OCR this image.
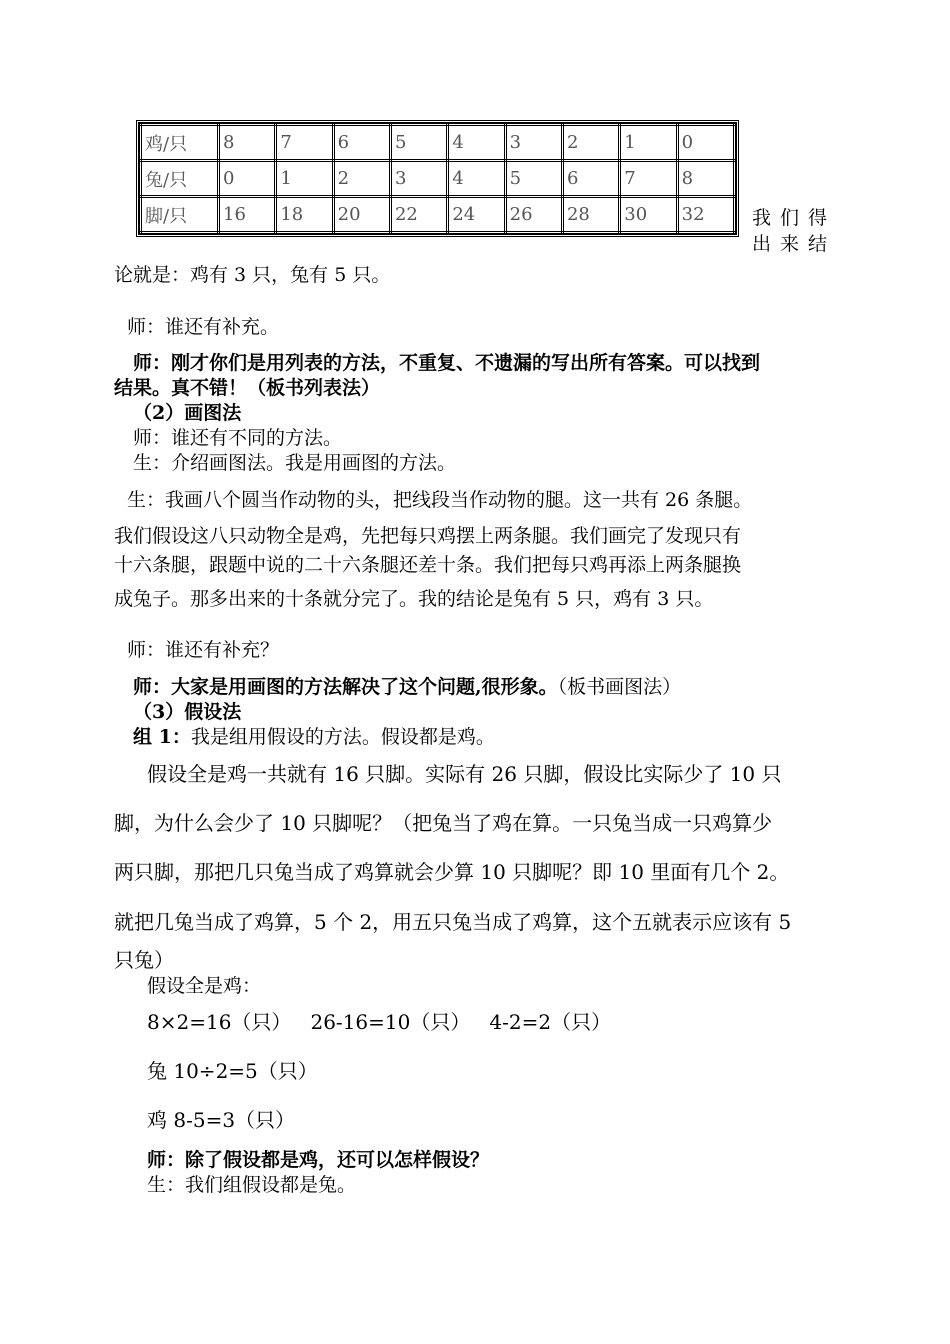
鸡/只	8	7	6	5	4	3	2	1	0
兔/只	0	1	2	3	4	5	6	7	8
脚/只	16	18	20	22	24	26	28	30	32 我们得
出来结
论就是：鸡有 3 只，兔有 5 只。
师：谁还有补充。
师：刚才你们是用列表的方法，不重复、不遗漏的写出所有答案。可以找到
结果。真不错！（板书列表法）
（2）画图法
师：谁还有不同的方法。
生：介绍画图法。我是用画图的方法。
生：我画八个圆当作动物的头，把线段当作动物的腿。这一共有 26 条腿。
我们假设这八只动物全是鸡，先把每只鸡摆上两条腿。我们画完了发现只有
十六条腿，跟题中说的二十六条腿还差十条。我们把每只鸡再添上两条腿换
成兔子。那多出来的十条就分完了。我的结论是兔有 5 只，鸡有 3 只。
师：谁还有补充？
师：大家是用画图的方法解决了这个问题,很形象。（板书画图法）
（3）假设法
组 1：我是组用假设的方法。假设都是鸡。
假设全是鸡一共就有 16 只脚。实际有 26 只脚，假设比实际少了 10 只
脚，为什么会少了 10 只脚呢？（把兔当了鸡在算。一只兔当成一只鸡算少
两只脚，那把几只兔当成了鸡算就会少算 10 只脚呢？即 10 里面有几个 2。
就把几兔当成了鸡算，5 个 2，用五只兔当成了鸡算，这个五就表示应该有 5
只兔）
假设全是鸡：
8×2=16（只）   26-16=10（只）   4-2=2（只）
兔 10÷2=5（只）
鸡 8-5=3（只）
师：除了假设都是鸡，还可以怎样假设？
生：我们组假设都是兔。
